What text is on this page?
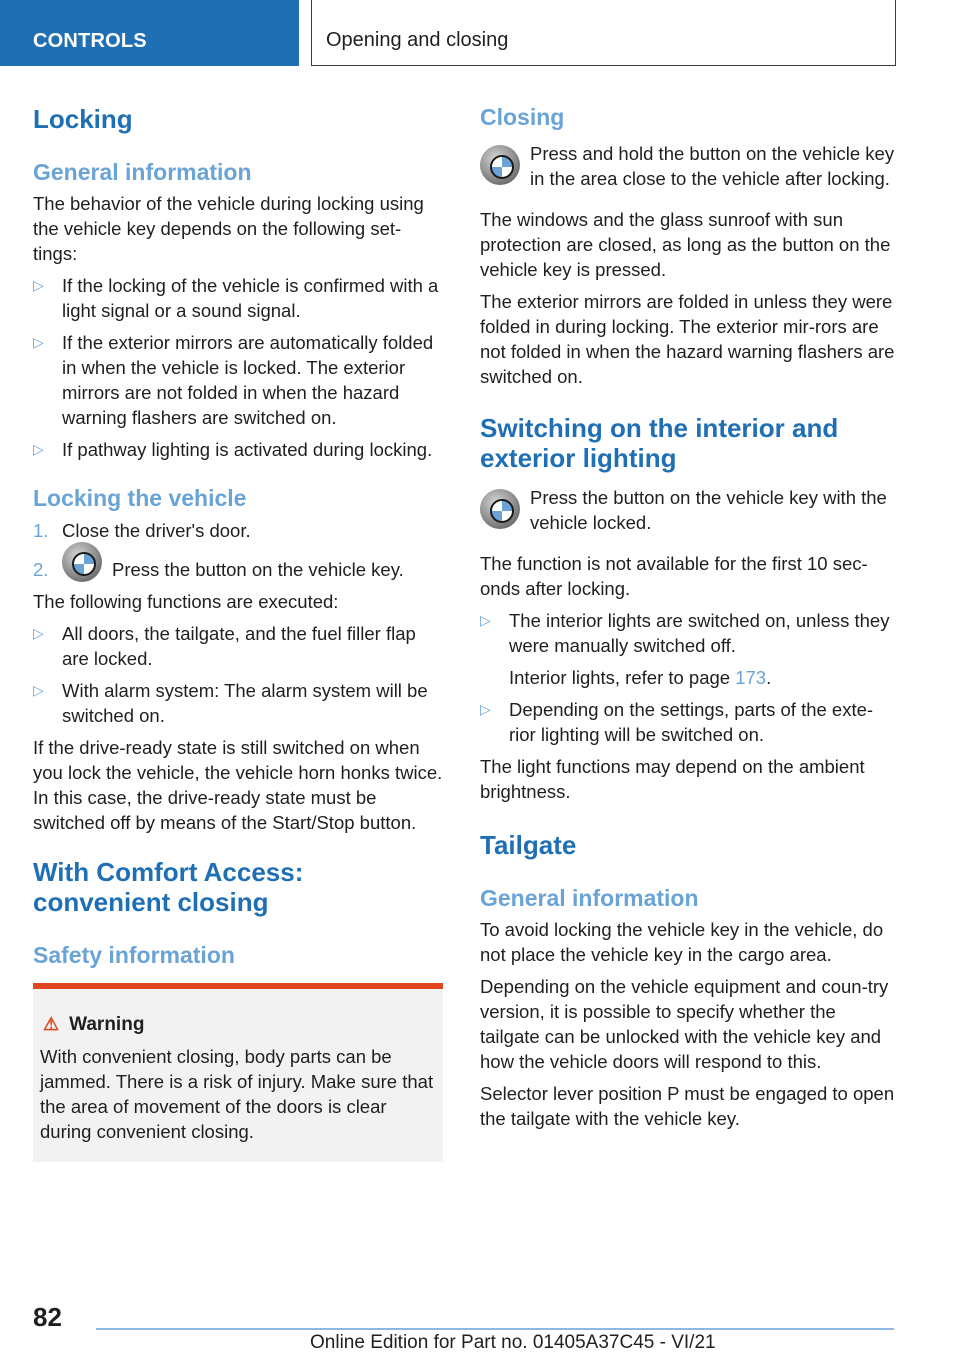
CONTROLS	Opening and closing
Locking
General information

The behavior of the vehicle during locking using the vehicle key depends on the following set-tings:

▷ If the locking of the vehicle is confirmed with a light signal or a sound signal.
▷ If the exterior mirrors are automatically folded in when the vehicle is locked. The exterior mirrors are not folded in when the hazard warning flashers are switched on.
▷ If pathway lighting is activated during locking.
Locking the vehicle
1. Close the driver's door.
2.	Press the button on the vehicle key.

The following functions are executed:

▷ All doors, the tailgate, and the fuel filler flap are locked.
▷ With alarm system: The alarm system will be switched on.

If the drive-ready state is still switched on when you lock the vehicle, the vehicle horn honks twice. In this case, the drive-ready state must be switched off by means of the Start/Stop button.

With Comfort Access: convenient closing
Safety information
⚠ Warning

With convenient closing, body parts can be jammed. There is a risk of injury. Make sure that the area of movement of the doors is clear during convenient closing.

Closing
Press and hold the button on the vehicle key in the area close to the vehicle after locking.

The windows and the glass sunroof with sun protection are closed, as long as the button on the vehicle key is pressed.

The exterior mirrors are folded in unless they were folded in during locking. The exterior mir-rors are not folded in when the hazard warning flashers are switched on.

Switching on the interior and exterior lighting
Press the button on the vehicle key with the vehicle locked.

The function is not available for the first 10 sec-onds after locking.

▷ The interior lights are switched on, unless they were manually switched off.
Interior lights, refer to page 173.
▷ Depending on the settings, parts of the exte-rior lighting will be switched on.

The light functions may depend on the ambient brightness.

Tailgate
General information

To avoid locking the vehicle key in the vehicle, do not place the vehicle key in the cargo area.

Depending on the vehicle equipment and coun-try version, it is possible to specify whether the tailgate can be unlocked with the vehicle key and how the vehicle doors will respond to this.

Selector lever position P must be engaged to open the tailgate with the vehicle key.

82
Online Edition for Part no. 01405A37C45 - VI/21
